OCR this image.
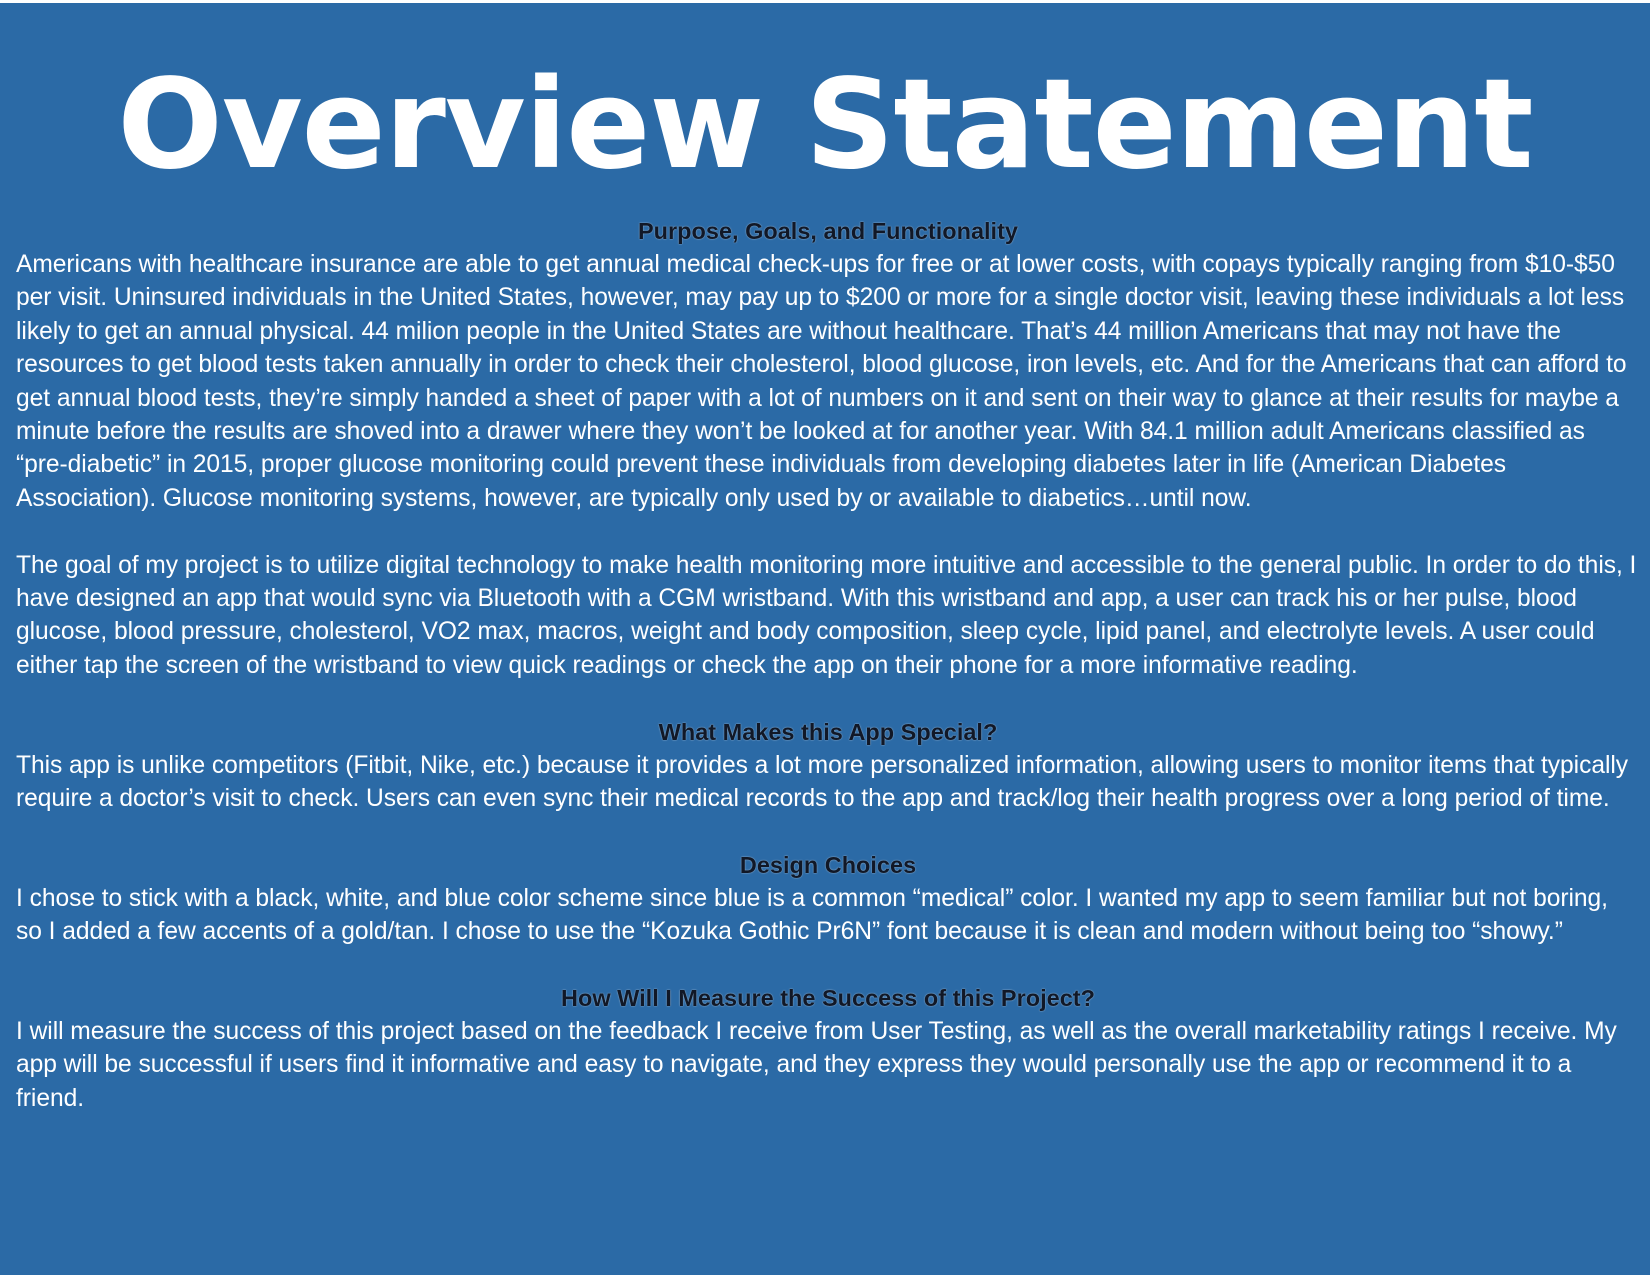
Overview Statement
Purpose, Goals, and Functionality

Americans with healthcare insurance are able to get annual medical check-ups for free or at lower costs, with copays typically ranging from $10-$50 per visit. Uninsured individuals in the United States, however, may pay up to $200 or more for a single doctor visit, leaving these individuals a lot less likely to get an annual physical. 44 milion people in the United States are without healthcare. That’s 44 million Americans that may not have the resources to get blood tests taken annually in order to check their cholesterol, blood glucose, iron levels, etc. And for the Americans that can afford to get annual blood tests, they’re simply handed a sheet of paper with a lot of numbers on it and sent on their way to glance at their results for maybe a minute before the results are shoved into a drawer where they won’t be looked at for another year. With 84.1 million adult Americans classified as “pre-diabetic” in 2015, proper glucose monitoring could prevent these individuals from developing diabetes later in life (American Diabetes Association). Glucose monitoring systems, however, are typically only used by or available to diabetics…until now.

The goal of my project is to utilize digital technology to make health monitoring more intuitive and accessible to the general public. In order to do this, I have designed an app that would sync via Bluetooth with a CGM wristband. With this wristband and app, a user can track his or her pulse, blood glucose, blood pressure, cholesterol, VO2 max, macros, weight and body composition, sleep cycle, lipid panel, and electrolyte levels. A user could either tap the screen of the wristband to view quick readings or check the app on their phone for a more informative reading.

What Makes this App Special?

This app is unlike competitors (Fitbit, Nike, etc.) because it provides a lot more personalized information, allowing users to monitor items that typically require a doctor’s visit to check. Users can even sync their medical records to the app and track/log their health progress over a long period of time.

Design Choices

I chose to stick with a black, white, and blue color scheme since blue is a common “medical” color. I wanted my app to seem familiar but not boring, so I added a few accents of a gold/tan. I chose to use the “Kozuka Gothic Pr6N” font because it is clean and modern without being too “showy.”

How Will I Measure the Success of this Project?

I will measure the success of this project based on the feedback I receive from User Testing, as well as the overall marketability ratings I receive. My app will be successful if users find it informative and easy to navigate, and they express they would personally use the app or recommend it to a friend.
